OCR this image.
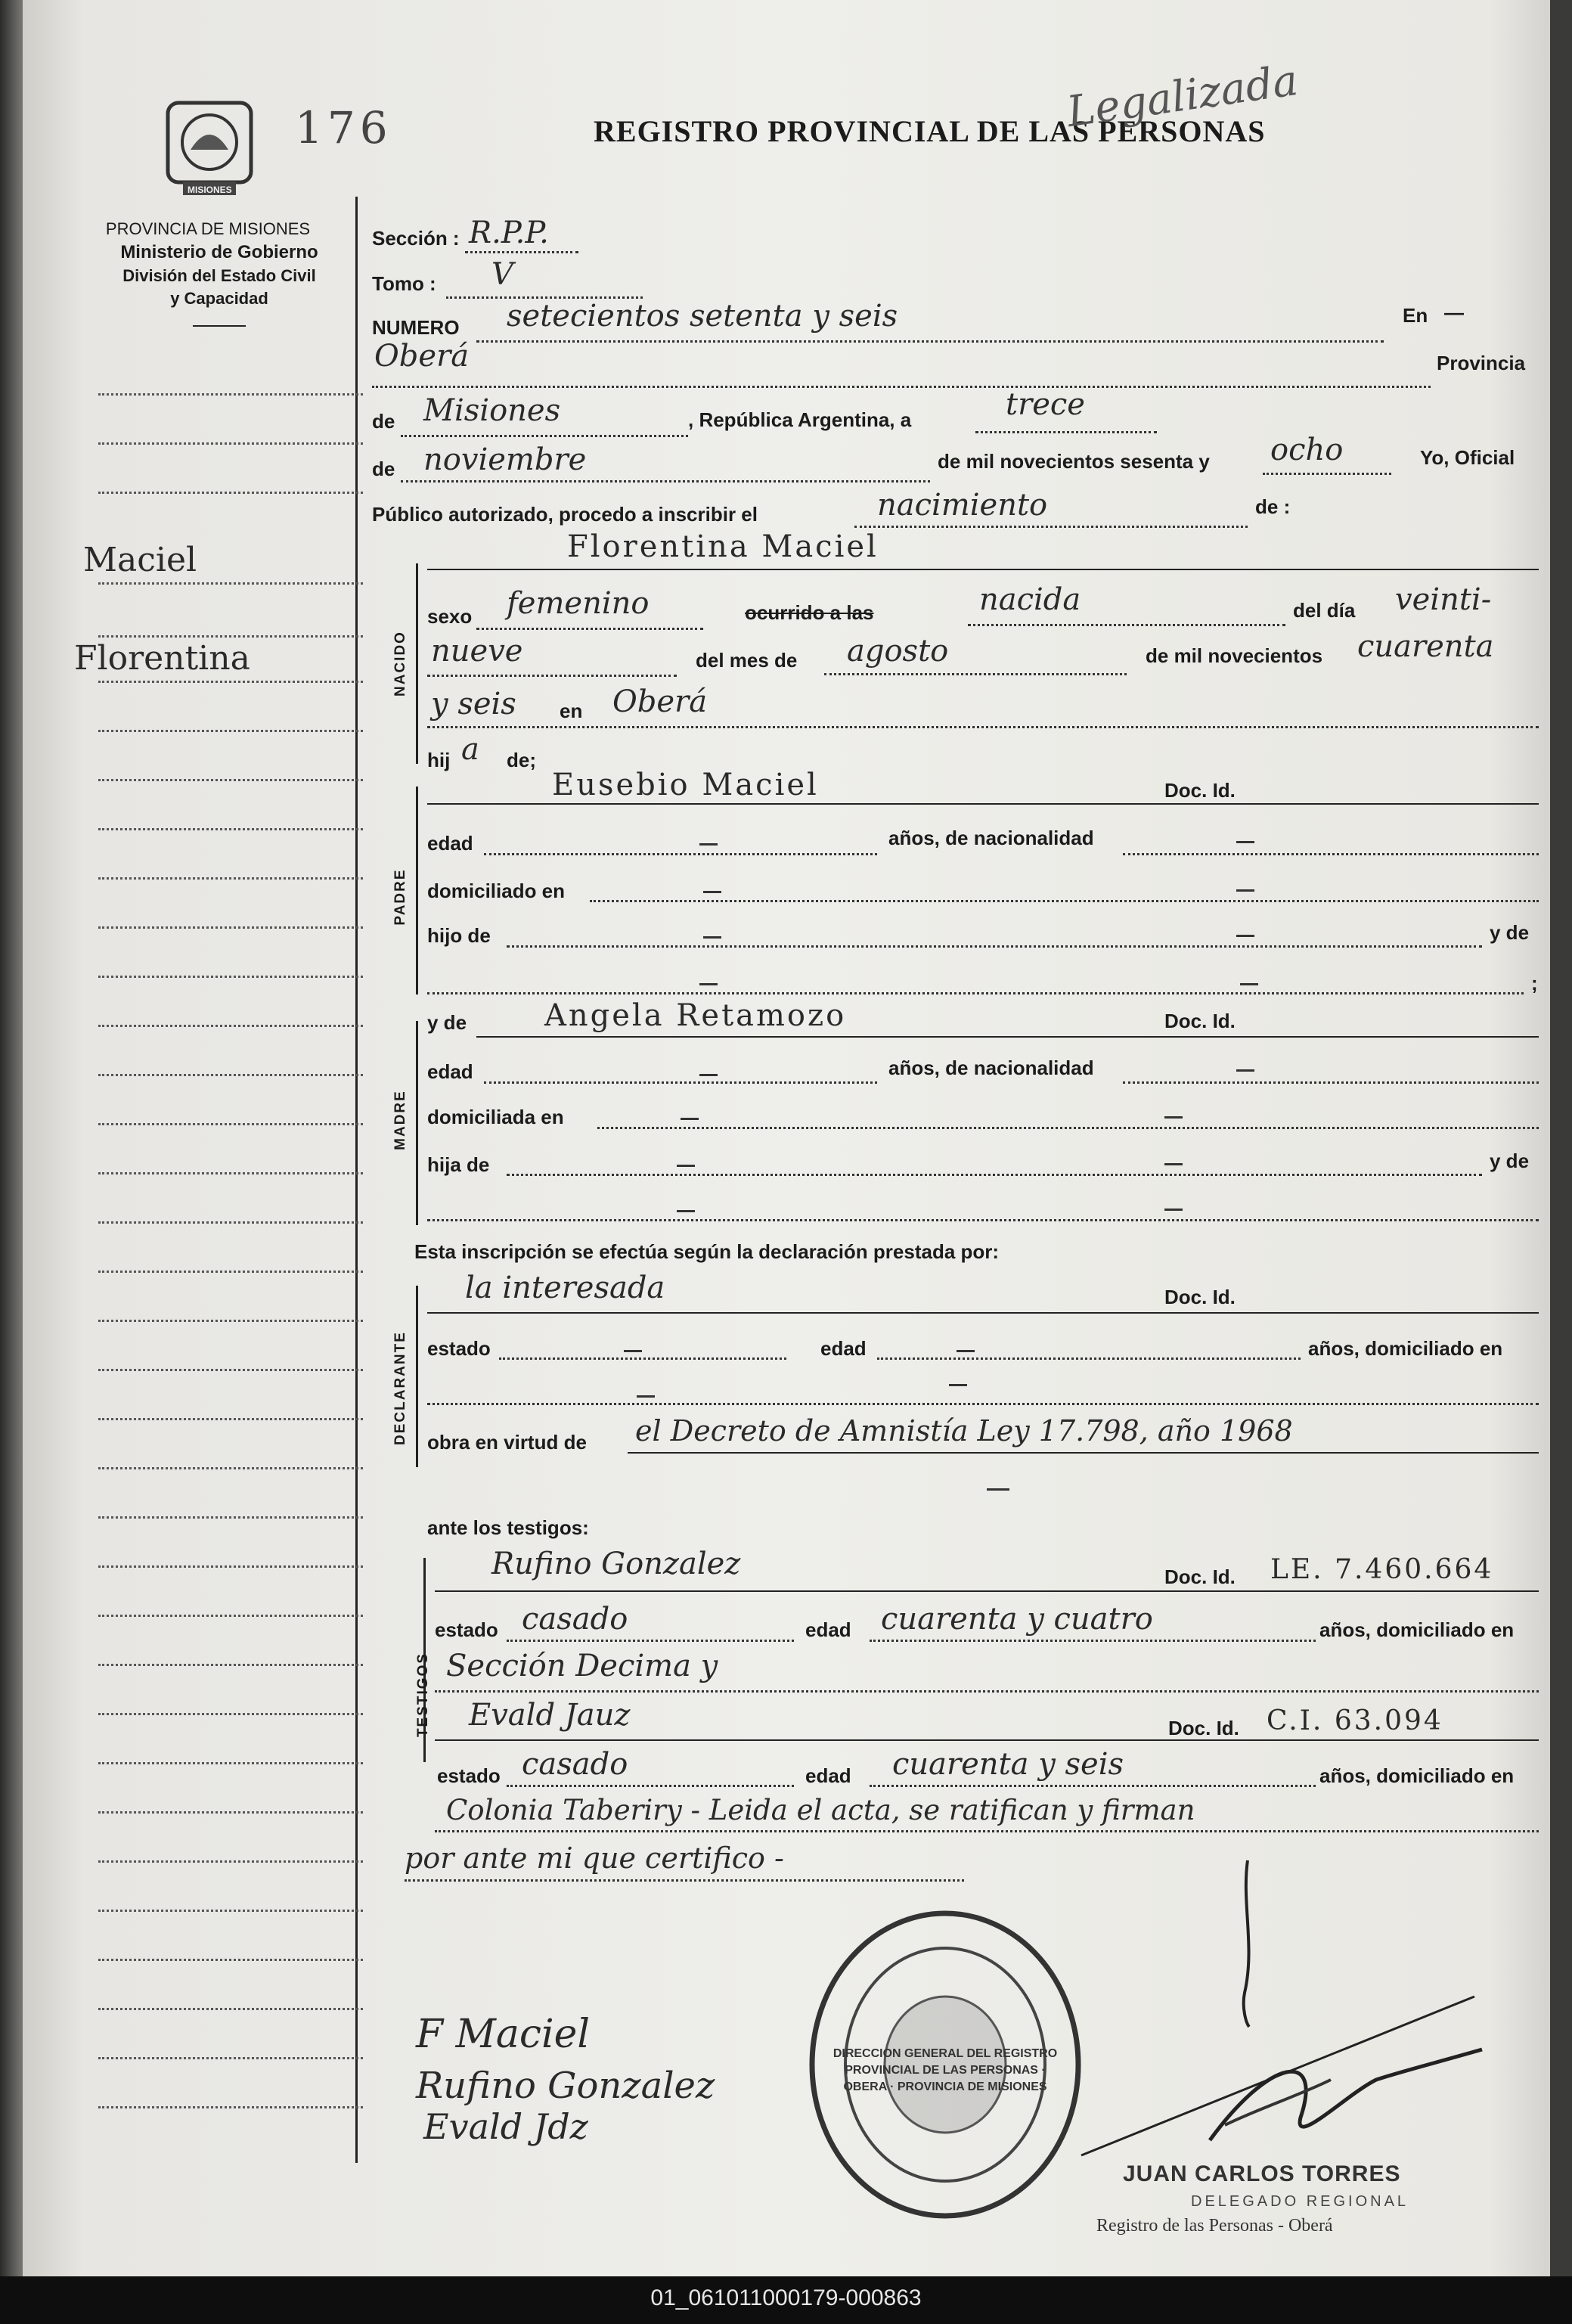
MISIONES
176	REGISTRO PROVINCIAL DE LAS PERSONAS
Legalizada
PROVINCIA DE MISIONES
Ministerio de Gobierno
División del Estado Civil
y Capacidad
Maciel
Florentina
Sección : R.P.P.
Tomo : V
NUMERO setecientos setenta y seis	En —
Oberá	Provincia
de Misiones	, República Argentina, a	trece
de noviembre	de mil novecientos sesenta y ocho	Yo, Oficial
Público autorizado, procedo a inscribir el	nacimiento	de :
NACIDO
Florentina Maciel
sexo femenino	ocurrido a las	nacida	del día veinti-
nueve	del mes de agosto	de mil novecientos cuarenta
y seis en Oberá
hij a de;
PADRE
Eusebio Maciel	Doc. Id.
edad	años, de nacionalidad
domiciliado en
hijo de	y de
;
MADRE
y de	Angela Retamozo	Doc. Id.
edad	años, de nacionalidad
domiciliada en
hija de	y de
Esta inscripción se efectúa según la declaración prestada por:
DECLARANTE
la interesada	Doc. Id.
estado	edad	años, domiciliado en
obra en virtud de el Decreto de Amnistía Ley 17.798, año 1968
ante los testigos:
TESTIGOS
Rufino Gonzalez	Doc. Id. LE. 7.460.664
estado casado	edad cuarenta y cuatro	años, domiciliado en
Sección Decima y
Evald Jauz	Doc. Id. C.I. 63.094
estado casado	edad cuarenta y seis	años, domiciliado en
Colonia Taberiry - Leida el acta, se ratifican y firman
por ante mi que certifico -
F Maciel
Rufino Gonzalez
Evald Jdz
DIRECCION GENERAL DEL REGISTRO PROVINCIAL DE LAS PERSONAS · OBERA · PROVINCIA DE MISIONES
JUAN CARLOS TORRES
DELEGADO REGIONAL
Registro de las Personas - Oberá
01_061011000179-000863
